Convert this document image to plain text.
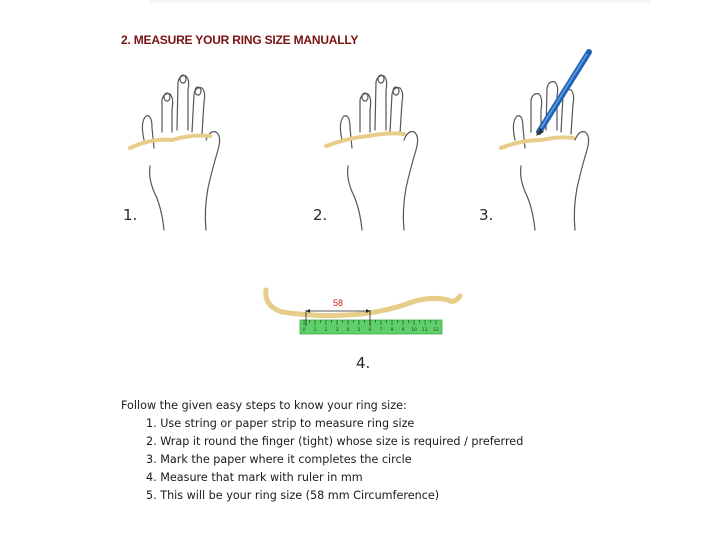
2. MEASURE YOUR RING SIZE MANUALLY
1.	2.	3.
0 1 2 3 4 5 6 7 8 9 10 11 12
58
4.
Follow the given easy steps to know your ring size:
1. Use string or paper strip to measure ring size
2. Wrap it round the finger (tight) whose size is required / preferred
3. Mark the paper where it completes the circle
4. Measure that mark with ruler in mm
5. This will be your ring size (58 mm Circumference)
